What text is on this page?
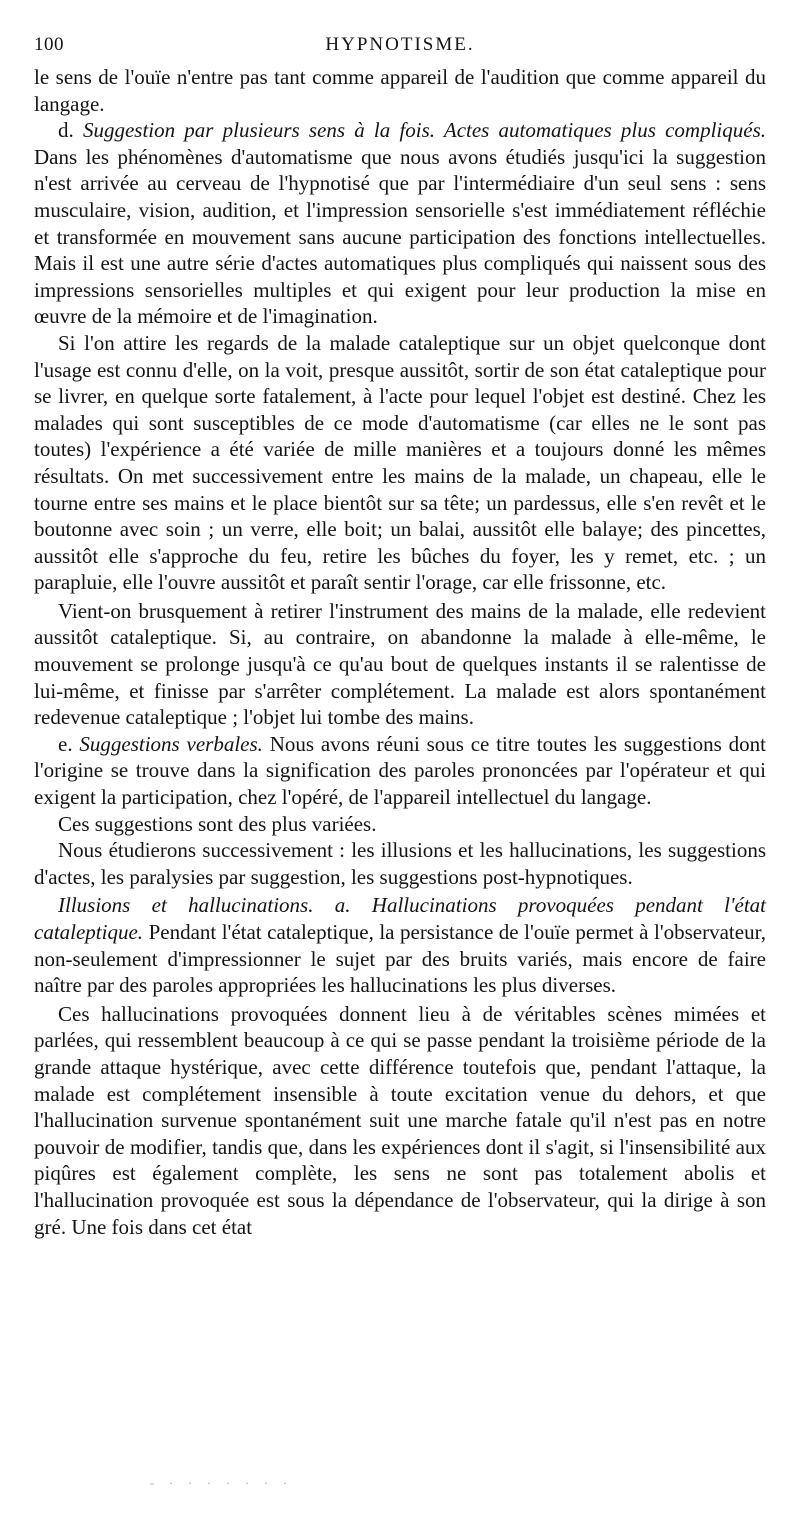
100	HYPNOTISME.

le sens de l'ouïe n'entre pas tant comme appareil de l'audition que comme appareil du langage.

d. Suggestion par plusieurs sens à la fois. Actes automatiques plus compliqués. Dans les phénomènes d'automatisme que nous avons étudiés jusqu'ici la suggestion n'est arrivée au cerveau de l'hypnotisé que par l'intermédiaire d'un seul sens : sens musculaire, vision, audition, et l'impression sensorielle s'est immédiatement réfléchie et transformée en mouvement sans aucune participation des fonctions intellectuelles. Mais il est une autre série d'actes automatiques plus compliqués qui naissent sous des impressions sensorielles multiples et qui exigent pour leur production la mise en œuvre de la mémoire et de l'imagination.

Si l'on attire les regards de la malade cataleptique sur un objet quelconque dont l'usage est connu d'elle, on la voit, presque aussitôt, sortir de son état cataleptique pour se livrer, en quelque sorte fatalement, à l'acte pour lequel l'objet est destiné. Chez les malades qui sont susceptibles de ce mode d'automatisme (car elles ne le sont pas toutes) l'expérience a été variée de mille manières et a toujours donné les mêmes résultats. On met successivement entre les mains de la malade, un chapeau, elle le tourne entre ses mains et le place bientôt sur sa tête; un pardessus, elle s'en revêt et le boutonne avec soin ; un verre, elle boit; un balai, aussitôt elle balaye; des pincettes, aussitôt elle s'approche du feu, retire les bûches du foyer, les y remet, etc. ; un parapluie, elle l'ouvre aussitôt et paraît sentir l'orage, car elle frissonne, etc.

Vient-on brusquement à retirer l'instrument des mains de la malade, elle redevient aussitôt cataleptique. Si, au contraire, on abandonne la malade à elle-même, le mouvement se prolonge jusqu'à ce qu'au bout de quelques instants il se ralentisse de lui-même, et finisse par s'arrêter complétement. La malade est alors spontanément redevenue cataleptique ; l'objet lui tombe des mains.

e. Suggestions verbales. Nous avons réuni sous ce titre toutes les suggestions dont l'origine se trouve dans la signification des paroles prononcées par l'opérateur et qui exigent la participation, chez l'opéré, de l'appareil intellectuel du langage.

Ces suggestions sont des plus variées.

Nous étudierons successivement : les illusions et les hallucinations, les suggestions d'actes, les paralysies par suggestion, les suggestions post-hypnotiques.

Illusions et hallucinations. a. Hallucinations provoquées pendant l'état cataleptique. Pendant l'état cataleptique, la persistance de l'ouïe permet à l'observateur, non-seulement d'impressionner le sujet par des bruits variés, mais encore de faire naître par des paroles appropriées les hallucinations les plus diverses.

Ces hallucinations provoquées donnent lieu à de véritables scènes mimées et parlées, qui ressemblent beaucoup à ce qui se passe pendant la troisième période de la grande attaque hystérique, avec cette différence toutefois que, pendant l'attaque, la malade est complétement insensible à toute excitation venue du dehors, et que l'hallucination survenue spontanément suit une marche fatale qu'il n'est pas en notre pouvoir de modifier, tandis que, dans les expériences dont il s'agit, si l'insensibilité aux piqûres est également complète, les sens ne sont pas totalement abolis et l'hallucination provoquée est sous la dépendance de l'observateur, qui la dirige à son gré. Une fois dans cet état

- · · · · · · ·
